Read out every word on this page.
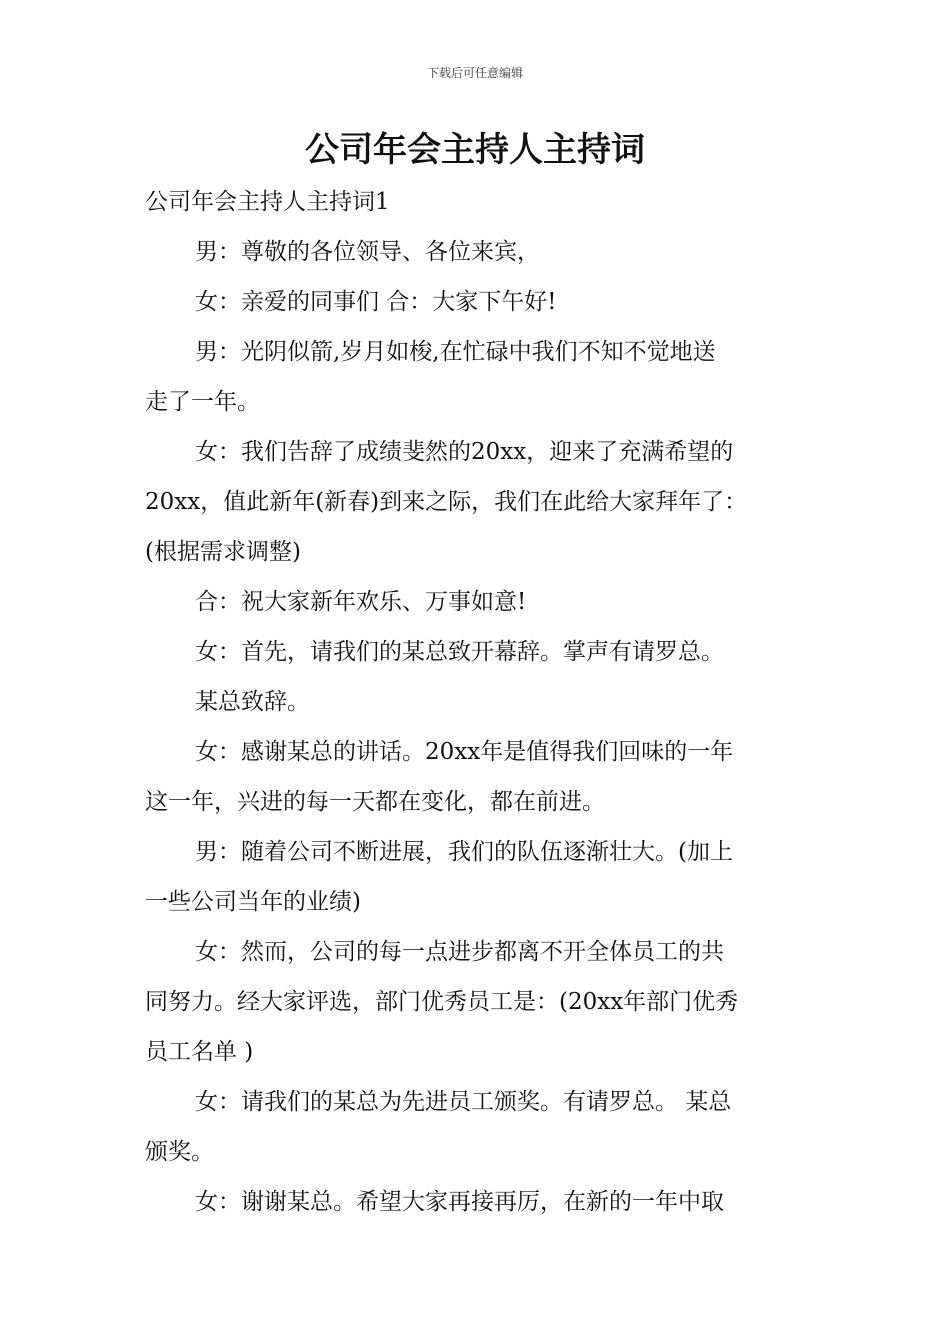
下载后可任意编辑
公司年会主持人主持词

公司年会主持人主持词1

男：尊敬的各位领导、各位来宾，

女：亲爱的同事们 合：大家下午好!

男：光阴似箭,岁月如梭,在忙碌中我们不知不觉地送

走了一年。

女：我们告辞了成绩斐然的20xx，迎来了充满希望的

20xx，值此新年(新春)到来之际，我们在此给大家拜年了：

(根据需求调整)

合：祝大家新年欢乐、万事如意!

女：首先，请我们的某总致开幕辞。掌声有请罗总。

某总致辞。

女：感谢某总的讲话。20xx年是值得我们回味的一年

这一年，兴进的每一天都在变化，都在前进。

男：随着公司不断进展，我们的队伍逐渐壮大。(加上

一些公司当年的业绩)

女：然而，公司的每一点进步都离不开全体员工的共

同努力。经大家评选，部门优秀员工是：(20xx年部门优秀

员工名单 )

女：请我们的某总为先进员工颁奖。有请罗总。 某总

颁奖。

女：谢谢某总。希望大家再接再厉，在新的一年中取
